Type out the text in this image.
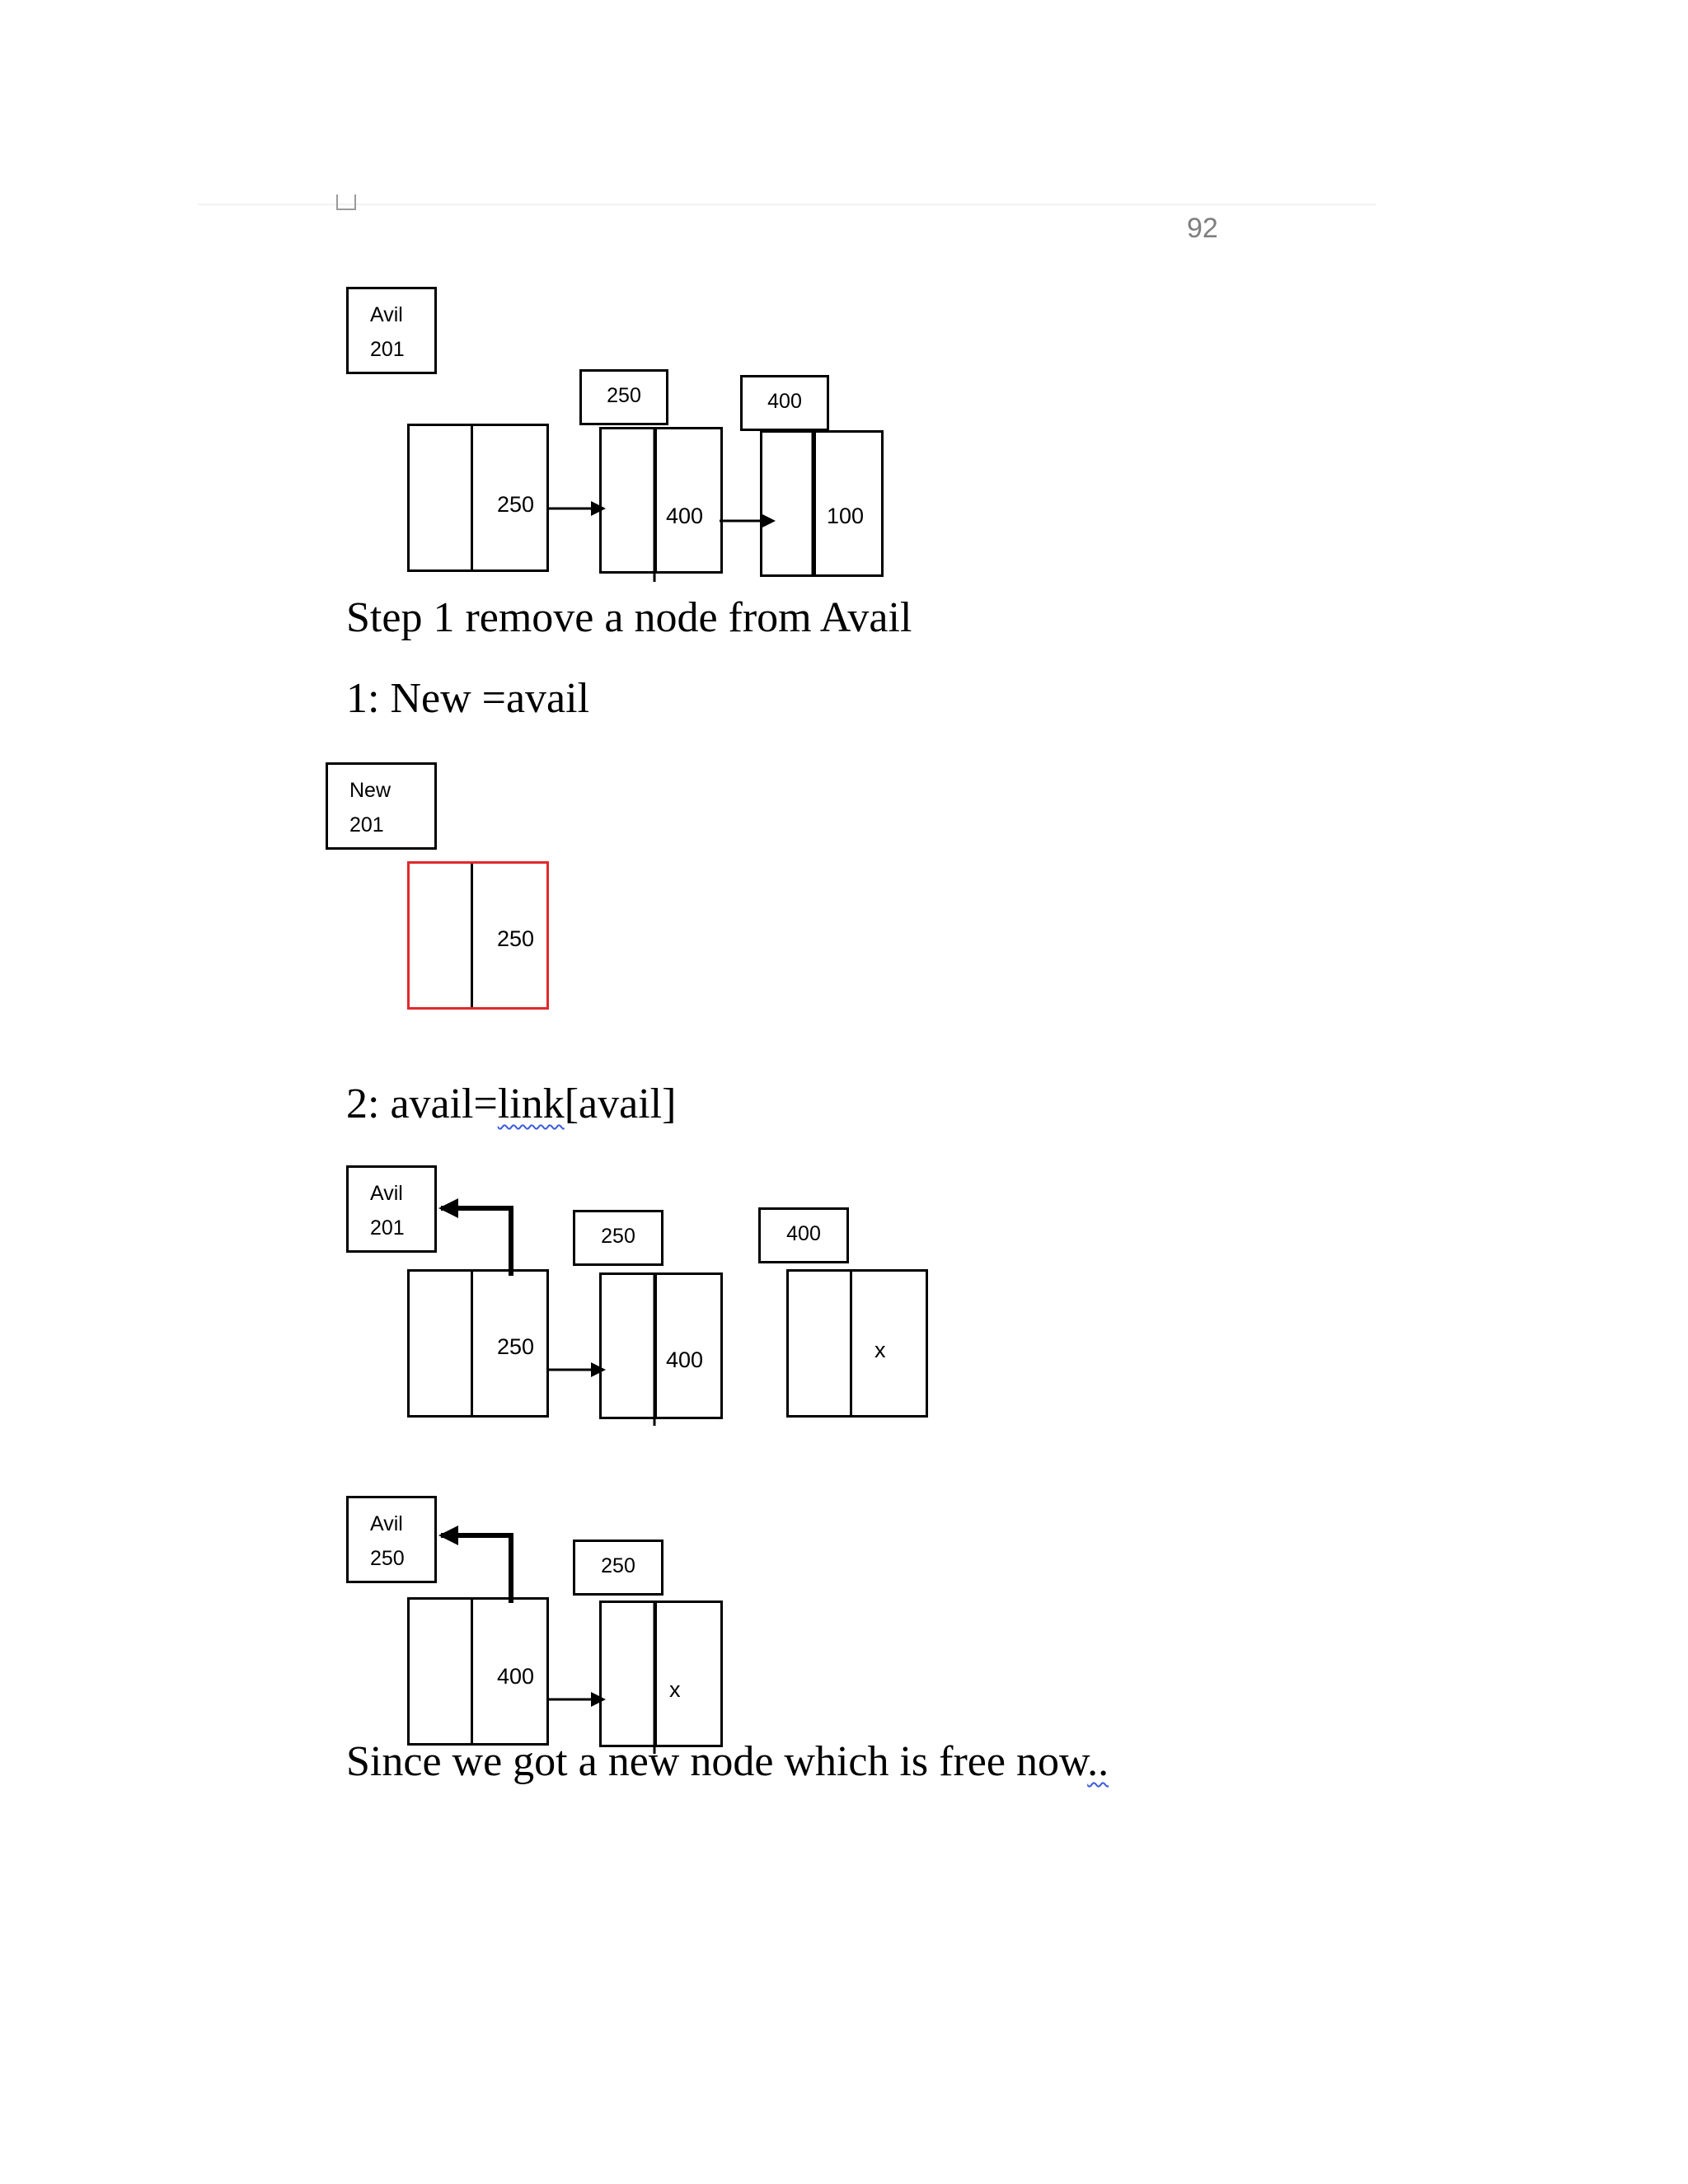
92
Avil
201
250	400
250	400	100
Step 1 remove a node from Avail
1: New =avail
New
201
250
2: avail=link[avail]
Avil
201	250	400
250
400	x
Avil
250	250
400
x
Since we got a new node which is free now..
